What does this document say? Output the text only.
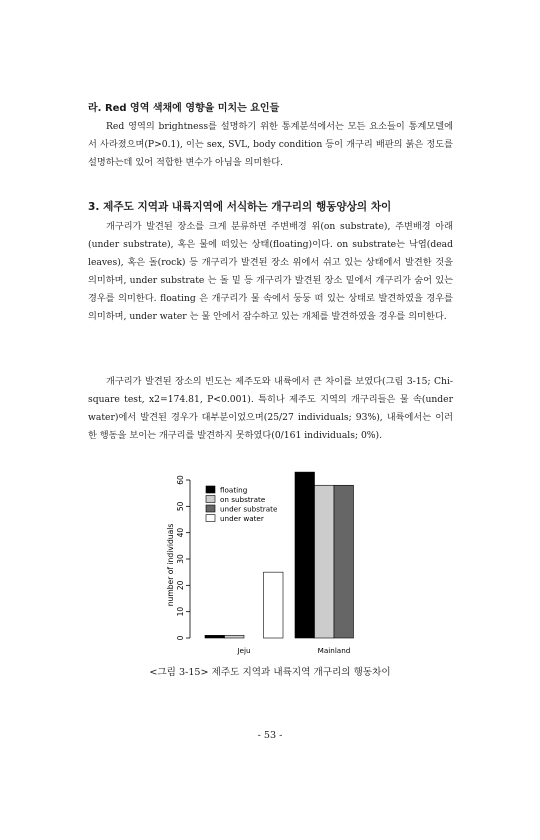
라. Red 영역 색채에 영향을 미치는 요인들

Red 영역의 brightness를 설명하기 위한 통계분석에서는 모든 요소들이 통계모델에서 사라졌으며(P>0.1), 이는 sex, SVL, body condition 등이 개구리 배판의 붉은 정도를 설명하는데 있어 적합한 변수가 아님을 의미한다.

3. 제주도 지역과 내륙지역에 서식하는 개구리의 행동양상의 차이

개구리가 발견된 장소를 크게 분류하면 주변배경 위(on substrate), 주변배경 아래(under substrate), 혹은 물에 떠있는 상태(floating)이다. on substrate는 낙엽(dead leaves), 혹은 돌(rock) 등 개구리가 발견된 장소 위에서 쉬고 있는 상태에서 발견한 것을 의미하며, under substrate 는 돌 밑 등 개구리가 발견된 장소 밑에서 개구리가 숨어 있는 경우를 의미한다. floating 은 개구리가 물 속에서 둥둥 떠 있는 상태로 발견하였을 경우를 의미하며, under water 는 물 안에서 잠수하고 있는 개체를 발견하였을 경우를 의미한다.

개구리가 발견된 장소의 빈도는 제주도와 내륙에서 큰 차이를 보였다(그림 3-15; Chi-square test, x2=174.81, P<0.001). 특히나 제주도 지역의 개구리들은 물 속(under water)에서 발견된 경우가 대부분이었으며(25/27 individuals; 93%), 내륙에서는 이러한 행동을 보이는 개구리를 발견하지 못하였다(0/161 individuals; 0%).

0
10
20
30
40
50
60
Jeju	Mainland
floating
on substrate
under substrate
under water
number of individuals
<그림 3-15> 제주도 지역과 내륙지역 개구리의 행동차이
- 53 -
